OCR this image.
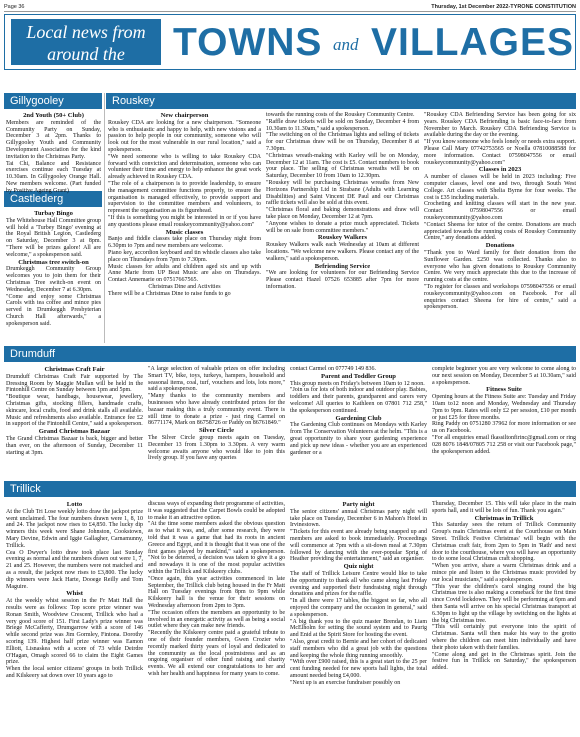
Page 36	Thursday, 1st December 2022-TYRONE CONSTITUTION
Local news from
around the	TOWNS and VILLAGES
Gillygooley
Castlederg
Rouskey
Drumduff
Trillick
2nd Youth (50+ Club)

Members are reminded of the Community Party on Sunday, December 3 at 2pm. Thanks to Gillygooley Youth and Community Development Association for the kind invitation to the Christmas Party.

Tai Chi, Balance and Resistance exercises continue each Tuesday at 10.30am. In Gillygooley Orange Hall. New members welcome. (Part funded by Positive Ageing Grant)

Turbay Bingo

The Whitehouse Hall Committee group will hold a 'Turbey Bingo' evening at the Royal British Legion, Castlederg on Saturday, December 3 at 8pm. "There will be prizes galore! All are welcome," a spokesperson said.

Christmas tree switch-on

Drumkeggh Community Group welcomes you to join them for their Christmas Tree switch-on event on Wednesday, December 7 at 6.30pm.

"Come and enjoy some Christmas Carols with tea coffee and mince pies served in Drumkeggh Presbyterian Church Hall afterwards," a spokesperson said.

New chairperson

Rouskey CDA are looking for a new chairperson. "Someone who is enthusiastic and happy to help, with new visions and a passion to help people in our community, someone who will look out for the most vulnerable in our rural location," said a spokesperson.

"We need someone who is willing to take Rouskey CDA forward with conviction and determination, someone who can volunteer their time and energy to help enhance the great work already achieved in Rouskey CDA.

"The role of a chairperson is to provide leadership, to ensure the management committee functions properly, to ensure the organisation is managed effectively, to provide support and supervision to the committee members and volunteers, to represent the organisation as its figurehead.

"If this is something you might be interested in or if you have any questions please email rouskeycommunity@yahoo.com"

Music classes

Banjo and fiddle classes take place on Thursday night from 6.30pm to 7pm and new members are welcome.

Piano key, accordion keyboard and tin whistle classes also take place on Thursdays from 7pm to 7.30pm.

Music classes for adults and children aged six and up with Anne Marie from UP Beat Music are also on Thursdays. Contact Annemarie on 07517667565.

Christmas Dine and Activities

There will be a Christmas Dine to raise funds to go

towards the running costs of the Rouskey Community Centre.

"Raffle draw tickets will be sold on Sunday, December 4 from 10.30am to 11.30am," said a spokesperson.

"The switching on of the Christmas lights and selling of tickets for our Christmas draw will be on Thursday, December 8 at 7.30pm.

"Christmas wreath-making with Karley will be on Monday, December 12 at 11am. The cost is £5. Contact numbers to book your place. The selling of Christmas wreaths will be on Saturday, December 10 from 10am to 12.30pm.

"Rouskey will be purchasing Christmas wreaths from New Horizons Partnership Ltd in Strabane (Adults with Learning Disabilities) and Saint Vincent DE Paul and our Christmas raffle tickets will also be sold at this event.

"Christmas floral and baking demonstrations and draw will take place on Monday, December 12 at 7pm.

"Anyone wishes to donate a prize much appreciated. Tickets will be on sale from committee members."

Rouskey Walkers

Rouskey Walkers walk each Wednesday at 10am at different locations. "We welcome new walkers. Please contact any of the walkers," said a spokesperson.

Befriending Service

"We are looking for volunteers for our Befriending Service Please contact Hazel 07526 653885 after 7pm for more information.

"Rouskey CDA Befriending Service has been going for six years. Rouskey CDA Befriending is basic face-to-face from November to March. Rouskey CDA Befriending Service is available during the day or the evening.

"If you know someone who feels lonely or needs extra support. Please Call Mary 07742753565 or Noella 07810088588 for more information. Contact 07598047556 or email rouskeycommunity@yahoo.com"

Classes in 2023

A number of classes will be held in 2023 including: Five computer classes, level one and two, through South West College. Art classes with Shelia Byrne for four weeks. The cost is £35 including materials.

Crocheting and knitting classes will start in the new year. Contact 07598047556 or email rouskeycommunity@yahoo.com

"Contact Sheena for tutor of the centre. Donations are much appreciated towards the running costs of Rouskey Community Centre," any donations added.

Donations

"Thank you to Ward family for their donation from the Sunflower Garden. £250 was collected. Thanks also to everyone who has given donations to Rouskey Community Centre. We very much appreciate this due to the increase of running costs at the centre.

"To register for classes and workshops 07598047556 or email rouskeycommunity@yahoo.com on Facebook. For all enquiries contact Sheena for hire of centre," said a spokesperson.

Christmas Craft Fair

Drumduff Christmas Craft Fair supported by The Dressing Room by Maggie Mullan will be held in the Fintonhill Centre on Sunday between 1pm and 5pm.

"Boutique wear, handbags, housewear, jewellery, Christmas gifts, stocking fillers, handmade crafts, skincare, local crafts, food and drink stalls all available. Music and refreshments also available. Entrance fee £2 in support of the Fintonhill Centre," said a spokesperson.

Grand Christmas Bazaar

The Grand Christmas Bazaar is back, bigger and better than ever, on the afternoon of Sunday, December 11 starting at 3pm.

"A large selection of valuable prizes on offer including Smart TV, bike, toys, turkeys, hampers, household and seasonal items, coal, turf, vouchers and lots, lots more," said a spokesperson.

"Many thanks to the community members and businesses who have already contributed prizes for the bazaar making this a truly community event. There is still time to donate a prize - just ring Carmel on 86771174, Mark on 86758726 or Paddy on 86761849."

Silver Circle

The Silver Circle group meets again on Tuesday, December 13 from 1.30pm to 3.30pm. A very warm welcome awaits anyone who would like to join this lively group. If you have any queries

contact Carmel on 077749 149 836.

Parent and Toddler Group

This group meets on Friday's between 10am to 12 noon.

"Join us for lots of both indoor and outdoor play. Babies, toddlers and their parents, grandparent and carers very welcome! All queries to Kathleen on 07801 712 258," the spokesperson continued.

Gardening Club

The Gardening Club continues on Mondays with Karley from The Conservation Volunteers at the helm. "This is a great opportunity to share your gardening experience and pick up new ideas - whether you are an experienced gardener or a

complete beginner you are very welcome to come along to our next session on Monday, December 5 at 10.30am," said a spokesperson.

Fitness Suite

Opening hours at the Fitness Suite are: Tuesday and Friday 10am to12 noon and Monday, Wednesday and Thursday 7pm to 9pm. Rates will only £2 per session, £10 per month or just £25 for three months.

Ring Paddy on 0751280 37962 for more information or see us on Facebook.

"For all enquiries email fkassiltonfirinc@gmail.com or ring 028 8076 1848/07805 712 258 or visit our Facebook page," the spokesperson added.

Lotto

At the Club Tri Lose weekly lotto draw the jackpot prize went unclaimed. The four numbers drawn were 1, 8, 10 and 24. The jackpot now rises to £4,850. The lucky dip winners this week were Shane Johnston, Cookstown, Mary Devine, Edwin and Iggie Gallagher, Carnamunny, Trillick.

Cea O Dwyer's lotto draw took place last Sunday evening as normal and the numbers drawn out were 1, 7, 21 and 25. However, the numbers were not matched and as a result, the jackpot now rises to £3,800. The lucky dip winners were Jack Harte, Dooege Reilly and Tom Maguire.

Whist

At the weekly whist session in the Fr Matt Hall the results were as follows: Top score prize winner was Ronan Smith, Woodview Crescent, Trillick who had a very good score of 151. First Lady's prize winner was Briege McCafferty, Drumgarrow with a score of 146 while second prize was Jim Gormley, Fintona. Dorothy scoring 139. Highest half prize winner was Eamon Elliott, Lisnaskea with a score of 73 while Deirdre O'Hagan, Omagh scored 66 to claim the Eight Games prize.

When the local senior citizens' groups in both Trillick and Kilskeery sat down over 10 years ago to

discuss ways of expanding their programme of activities, it was suggested that the Carpet Bowls could be adopted to make it an attractive option.

"At the time some members asked the obvious question as to what it was, and, after some research, they were told that it was a game that had its roots in ancient Greece and Egypt, and it is thought that it was one of the first games played by mankind," said a spokesperson. "Not to be deterred, a decision was taken to give it a go and nowadays it is one of the most popular activities within the Trillick and Kilskeery clubs.

"Once again, this year activities commenced in late September, the Trillick club being housed in the Fr Matt Hall on Tuesday evenings from 8pm to 9pm while Kilskeery hall is the venue for their sessions on Wednesday afternoon from 2pm to 3pm.

"The occasion offers the members an opportunity to be involved in an energetic activity as well as being a social outlet where they can make new friends.

"Recently the Kilskeery centre paid a grateful tribute to one of their founder members, Gwen Crozier who recently marked thirty years of loyal and dedicated to the community as the local postmistress and as an ongoing organiser of other fund raising and charity events. We all extend our congratulations to her and wish her health and happiness for many years to come.

Party night

The senior citizens' annual Christmas party night will take place on Tuesday, December 6 in Mahon's Hotel in Irvinestown.

"Tickets for this event are already being snapped up and members are asked to book immediately. Proceedings will commence at 7pm with a sit-down meal at 7.30pm followed by dancing with the ever-popular Sprig of Heather providing the entertainment," said an organiser.

Quiz night

The staff of Trillick Leisure Centre would like to take the opportunity to thank all who came along last Friday evening and supported their fundraising night through donations and prizes for the raffle.

"In all there were 17 tables, the biggest so far, who all enjoyed the company and the occasion in general," said a spokesperson.

"A big thank you to the quiz master Brendan, to Liam McElholm for setting the sound system and to Paurig and Enid at the Spirit Store for hosting the event.

"Also, great credit to Bernie and her cohort of dedicated staff members who did a great job with the questions and keeping the whole thing running smoothly.

"With over £900 raised, this is a great start to the 25 per cent funding needed for new sports hall lights, the total amount needed being £4,000.

"Next up is an exercise fundraiser possibly on

Thursday, December 15. This will take place in the main sports hall, and it will be lots of fun. Thank you again."

Christmas in Trillick

This Saturday sees the return of Trillick Community Group's main Christmas event at the Courthouse on Main Street. Trillick Festive Christmas' will begin with the Christmas craft fair, from 2pm to 5pm in 'Rath' and next door to the courthouse, where you will have an opportunity to do some local Christmas craft shopping.

"When you arrive, share a warm Christmas drink and a mince pie and listen to the Christmas music provided by our local musicians," said a spokesperson.

"This year the children's carol singing round the big Christmas tree is also making a comeback for the first time since Covid lockdown. They will be performing at 6pm and then Santa will arrive on his special Christmas transport at 6.30pm to light up the village by switching on the lights at the big Christmas tree.

"This will certainly put everyone into the spirit of Christmas. Santa will then make his way to the grotto where the children can meet him individually and have their photo taken with their families.

"Come along and get in the Christmas spirit. Join the festive fun in Trillick on Saturday," the spokesperson added.
